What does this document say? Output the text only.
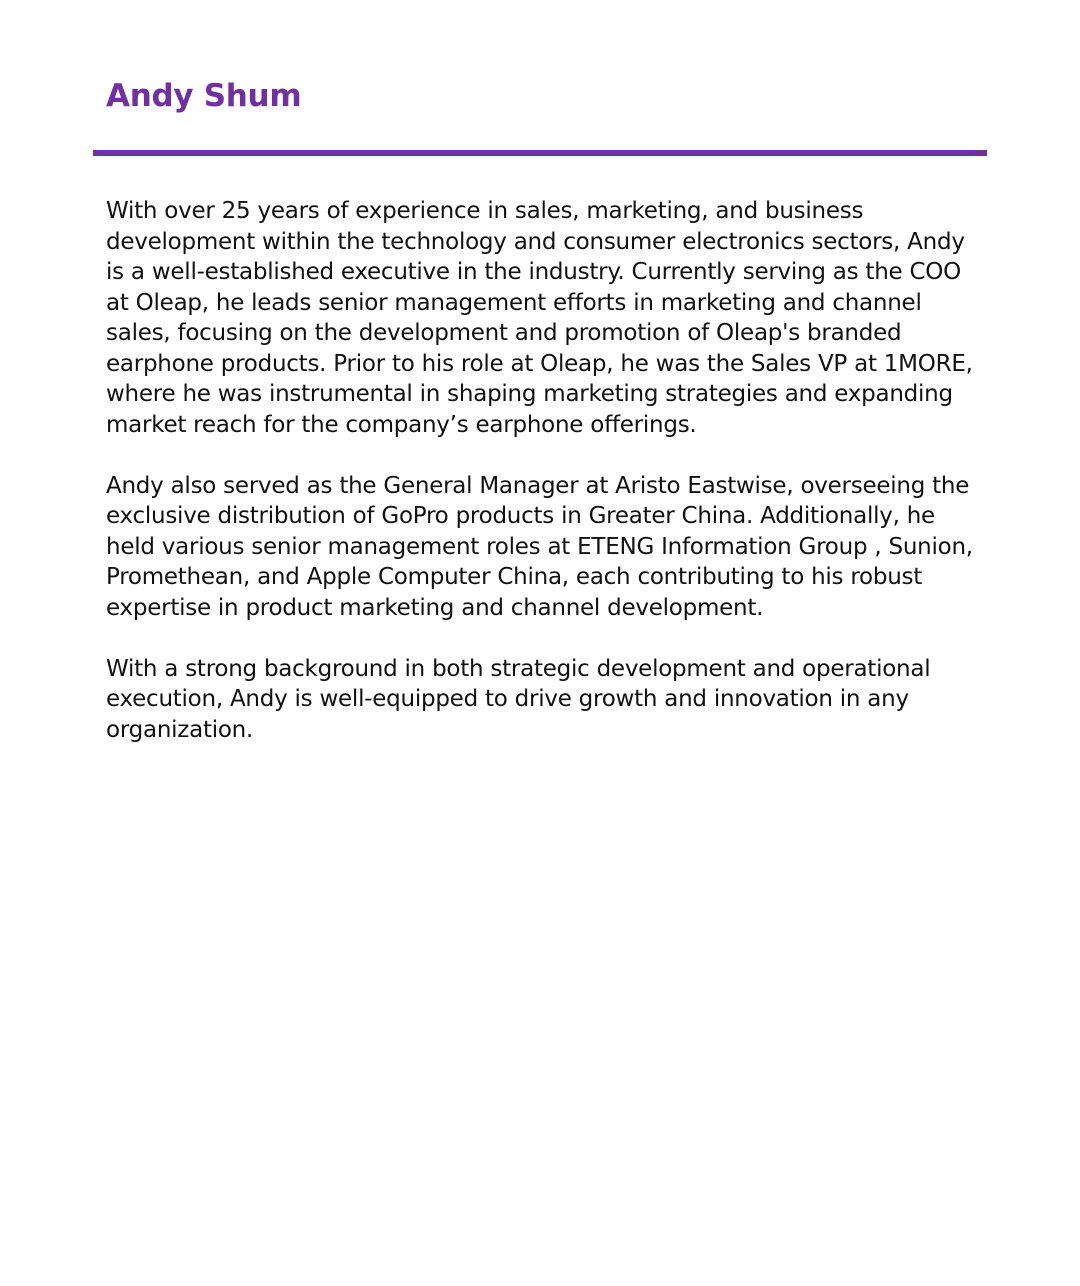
Andy Shum

With over 25 years of experience in sales, marketing, and business development within the technology and consumer electronics sectors, Andy is a well-established executive in the industry. Currently serving as the COO at Oleap, he leads senior management efforts in marketing and channel sales, focusing on the development and promotion of Oleap's branded earphone products. Prior to his role at Oleap, he was the Sales VP at 1MORE, where he was instrumental in shaping marketing strategies and expanding market reach for the company’s earphone offerings.

Andy also served as the General Manager at Aristo Eastwise, overseeing the exclusive distribution of GoPro products in Greater China. Additionally, he held various senior management roles at ETENG Information Group , Sunion, Promethean, and Apple Computer China, each contributing to his robust expertise in product marketing and channel development.

With a strong background in both strategic development and operational execution, Andy is well-equipped to drive growth and innovation in any organization.
